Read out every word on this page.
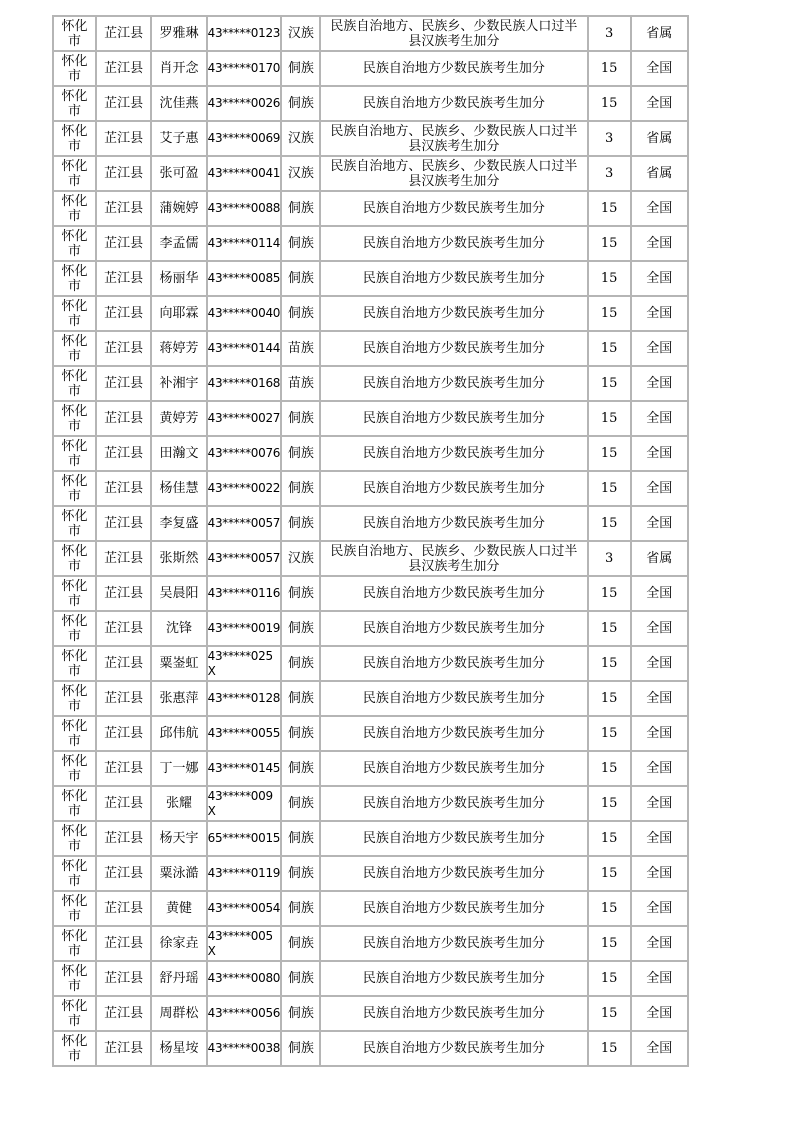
怀化市	芷江县	罗雅琳	43*****0123	汉族	民族自治地方、民族乡、少数民族人口过半县汉族考生加分	3	省属
怀化市	芷江县	肖开念	43*****0170	侗族	民族自治地方少数民族考生加分	15	全国
怀化市	芷江县	沈佳燕	43*****0026	侗族	民族自治地方少数民族考生加分	15	全国
怀化市	芷江县	艾子惠	43*****0069	汉族	民族自治地方、民族乡、少数民族人口过半县汉族考生加分	3	省属
怀化市	芷江县	张可盈	43*****0041	汉族	民族自治地方、民族乡、少数民族人口过半县汉族考生加分	3	省属
怀化市	芷江县	蒲婉婷	43*****0088	侗族	民族自治地方少数民族考生加分	15	全国
怀化市	芷江县	李孟儒	43*****0114	侗族	民族自治地方少数民族考生加分	15	全国
怀化市	芷江县	杨丽华	43*****0085	侗族	民族自治地方少数民族考生加分	15	全国
怀化市	芷江县	向耶霖	43*****0040	侗族	民族自治地方少数民族考生加分	15	全国
怀化市	芷江县	蒋婷芳	43*****0144	苗族	民族自治地方少数民族考生加分	15	全国
怀化市	芷江县	补湘宇	43*****0168	苗族	民族自治地方少数民族考生加分	15	全国
怀化市	芷江县	黄婷芳	43*****0027	侗族	民族自治地方少数民族考生加分	15	全国
怀化市	芷江县	田瀚文	43*****0076	侗族	民族自治地方少数民族考生加分	15	全国
怀化市	芷江县	杨佳慧	43*****0022	侗族	民族自治地方少数民族考生加分	15	全国
怀化市	芷江县	李复盛	43*****0057	侗族	民族自治地方少数民族考生加分	15	全国
怀化市	芷江县	张斯然	43*****0057	汉族	民族自治地方、民族乡、少数民族人口过半县汉族考生加分	3	省属
怀化市	芷江县	吴晨阳	43*****0116	侗族	民族自治地方少数民族考生加分	15	全国
怀化市	芷江县	沈锋	43*****0019	侗族	民族自治地方少数民族考生加分	15	全国
怀化市	芷江县	粟崟虹	43*****025X	侗族	民族自治地方少数民族考生加分	15	全国
怀化市	芷江县	张惠萍	43*****0128	侗族	民族自治地方少数民族考生加分	15	全国
怀化市	芷江县	邱伟航	43*****0055	侗族	民族自治地方少数民族考生加分	15	全国
怀化市	芷江县	丁一娜	43*****0145	侗族	民族自治地方少数民族考生加分	15	全国
怀化市	芷江县	张耀	43*****009X	侗族	民族自治地方少数民族考生加分	15	全国
怀化市	芷江县	杨天宇	65*****0015	侗族	民族自治地方少数民族考生加分	15	全国
怀化市	芷江县	粟泳澔	43*****0119	侗族	民族自治地方少数民族考生加分	15	全国
怀化市	芷江县	黄健	43*****0054	侗族	民族自治地方少数民族考生加分	15	全国
怀化市	芷江县	徐家垚	43*****005X	侗族	民族自治地方少数民族考生加分	15	全国
怀化市	芷江县	舒丹瑶	43*****0080	侗族	民族自治地方少数民族考生加分	15	全国
怀化市	芷江县	周群松	43*****0056	侗族	民族自治地方少数民族考生加分	15	全国
怀化市	芷江县	杨星垵	43*****0038	侗族	民族自治地方少数民族考生加分	15	全国
